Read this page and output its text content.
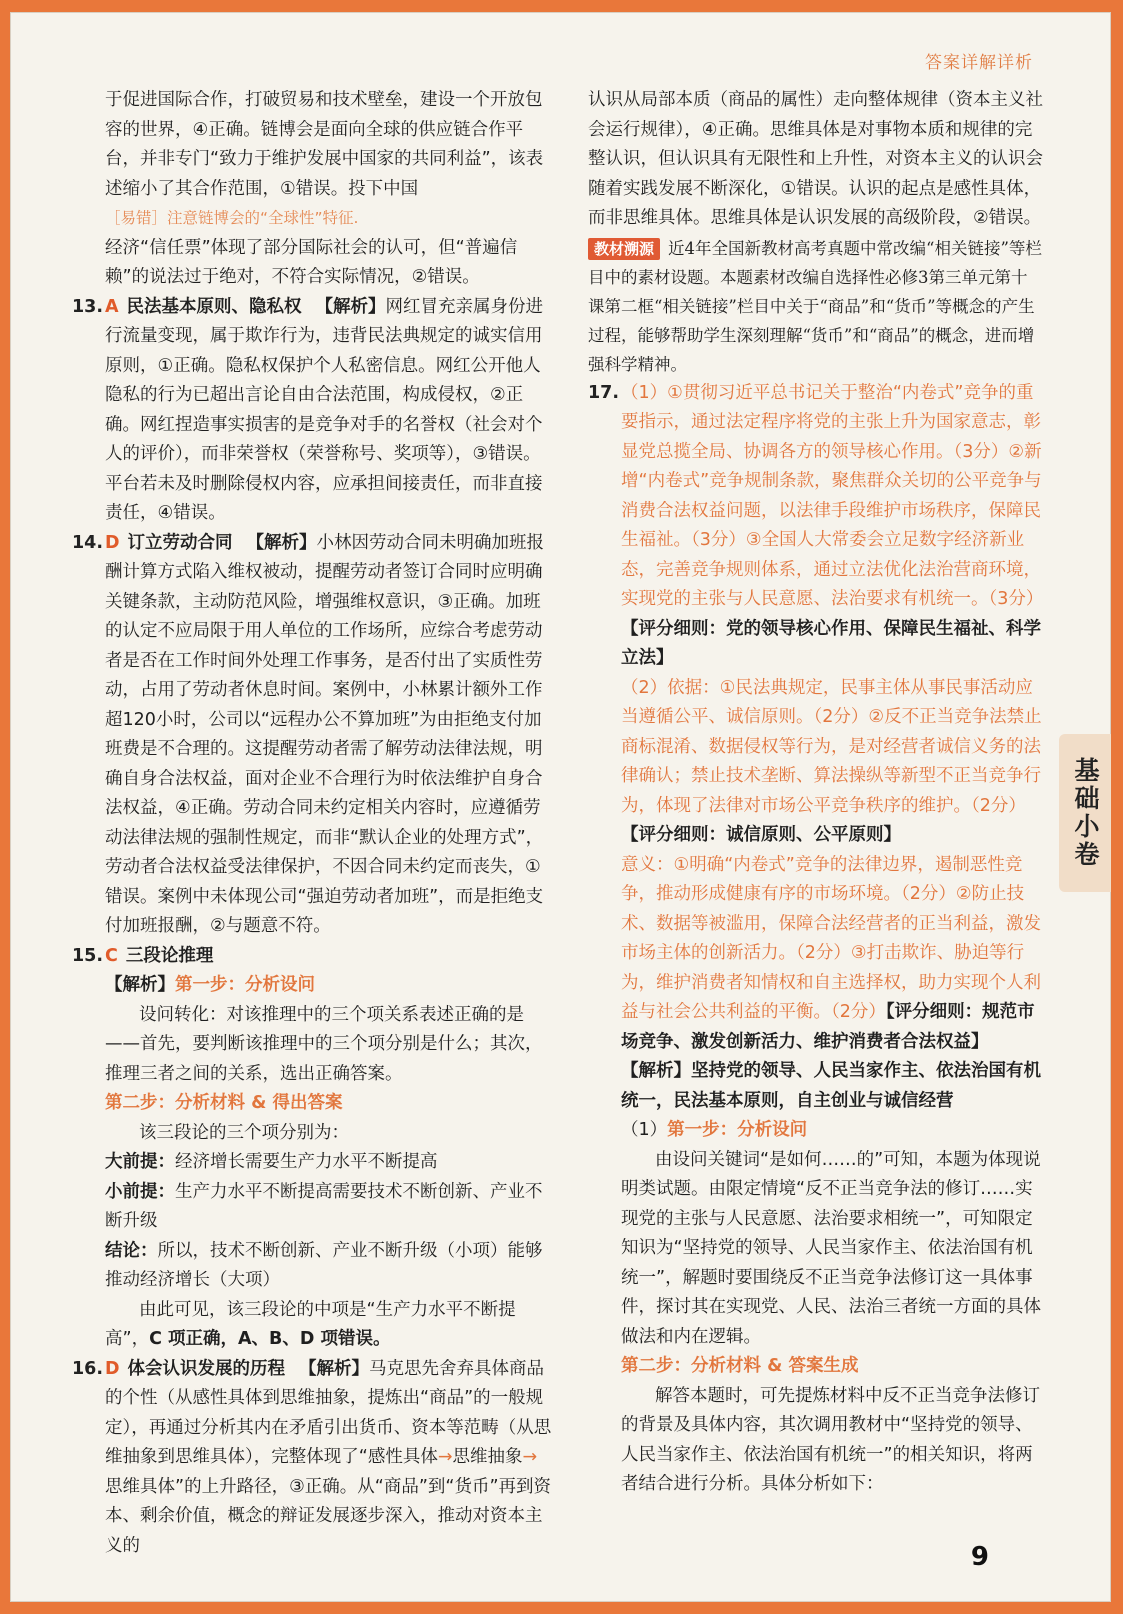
答案详解详析

于促进国际合作，打破贸易和技术壁垒，建设一个开放包容的世界，④正确。链博会是面向全球的供应链合作平台，并非专门“致力于维护发展中国家的共同利益”，该表述缩小了其合作范围，①错误。投下中国

［易错］注意链博会的“全球性”特征.

经济“信任票”体现了部分国际社会的认可，但“普遍信赖”的说法过于绝对，不符合实际情况，②错误。

13. A 民法基本原则、隐私权 【解析】网红冒充亲属身份进行流量变现，属于欺诈行为，违背民法典规定的诚实信用原则，①正确。隐私权保护个人私密信息。网红公开他人隐私的行为已超出言论自由合法范围，构成侵权，②正确。网红捏造事实损害的是竞争对手的名誉权（社会对个人的评价），而非荣誉权（荣誉称号、奖项等），③错误。平台若未及时删除侵权内容，应承担间接责任，而非直接责任，④错误。

14. D 订立劳动合同 【解析】小林因劳动合同未明确加班报酬计算方式陷入维权被动，提醒劳动者签订合同时应明确关键条款，主动防范风险，增强维权意识，③正确。加班的认定不应局限于用人单位的工作场所，应综合考虑劳动者是否在工作时间外处理工作事务，是否付出了实质性劳动，占用了劳动者休息时间。案例中，小林累计额外工作超120小时，公司以“远程办公不算加班”为由拒绝支付加班费是不合理的。这提醒劳动者需了解劳动法律法规，明确自身合法权益，面对企业不合理行为时依法维护自身合法权益，④正确。劳动合同未约定相关内容时，应遵循劳动法律法规的强制性规定，而非“默认企业的处理方式”，劳动者合法权益受法律保护，不因合同未约定而丧失，①错误。案例中未体现公司“强迫劳动者加班”，而是拒绝支付加班报酬，②与题意不符。

15. C 三段论推理

【解析】第一步：分析设问

设问转化：对该推理中的三个项关系表述正确的是——首先，要判断该推理中的三个项分别是什么；其次，推理三者之间的关系，选出正确答案。

第二步：分析材料 & 得出答案

该三段论的三个项分别为：

大前提：经济增长需要生产力水平不断提高

小前提：生产力水平不断提高需要技术不断创新、产业不断升级

结论：所以，技术不断创新、产业不断升级（小项）能够推动经济增长（大项）

由此可见，该三段论的中项是“生产力水平不断提高”，C 项正确，A、B、D 项错误。

16. D 体会认识发展的历程 【解析】马克思先舍弃具体商品的个性（从感性具体到思维抽象，提炼出“商品”的一般规定），再通过分析其内在矛盾引出货币、资本等范畴（从思维抽象到思维具体），完整体现了“感性具体→思维抽象→思维具体”的上升路径，③正确。从“商品”到“货币”再到资本、剩余价值，概念的辩证发展逐步深入，推动对资本主义的

认识从局部本质（商品的属性）走向整体规律（资本主义社会运行规律），④正确。思维具体是对事物本质和规律的完整认识，但认识具有无限性和上升性，对资本主义的认识会随着实践发展不断深化，①错误。认识的起点是感性具体，而非思维具体。思维具体是认识发展的高级阶段，②错误。

教材溯源 近4年全国新教材高考真题中常改编“相关链接”等栏目中的素材设题。本题素材改编自选择性必修3第三单元第十课第二框“相关链接”栏目中关于“商品”和“货币”等概念的产生过程，能够帮助学生深刻理解“货币”和“商品”的概念，进而增强科学精神。

17. （1）①贯彻习近平总书记关于整治“内卷式”竞争的重要指示，通过法定程序将党的主张上升为国家意志，彰显党总揽全局、协调各方的领导核心作用。（3分）②新增“内卷式”竞争规制条款，聚焦群众关切的公平竞争与消费合法权益问题，以法律手段维护市场秩序，保障民生福祉。（3分）③全国人大常委会立足数字经济新业态，完善竞争规则体系，通过立法优化法治营商环境，实现党的主张与人民意愿、法治要求有机统一。（3分）【评分细则：党的领导核心作用、保障民生福祉、科学立法】

（2）依据：①民法典规定，民事主体从事民事活动应当遵循公平、诚信原则。（2分）②反不正当竞争法禁止商标混淆、数据侵权等行为，是对经营者诚信义务的法律确认；禁止技术垄断、算法操纵等新型不正当竞争行为，体现了法律对市场公平竞争秩序的维护。（2分）【评分细则：诚信原则、公平原则】

意义：①明确“内卷式”竞争的法律边界，遏制恶性竞争，推动形成健康有序的市场环境。（2分）②防止技术、数据等被滥用，保障合法经营者的正当利益，激发市场主体的创新活力。（2分）③打击欺诈、胁迫等行为，维护消费者知情权和自主选择权，助力实现个人利益与社会公共利益的平衡。（2分）【评分细则：规范市场竞争、激发创新活力、维护消费者合法权益】

【解析】坚持党的领导、人民当家作主、依法治国有机统一，民法基本原则，自主创业与诚信经营

（1）第一步：分析设问

由设问关键词“是如何……的”可知，本题为体现说明类试题。由限定情境“反不正当竞争法的修订……实现党的主张与人民意愿、法治要求相统一”，可知限定知识为“坚持党的领导、人民当家作主、依法治国有机统一”，解题时要围绕反不正当竞争法修订这一具体事件，探讨其在实现党、人民、法治三者统一方面的具体做法和内在逻辑。

第二步：分析材料 & 答案生成

解答本题时，可先提炼材料中反不正当竞争法修订的背景及具体内容，其次调用教材中“坚持党的领导、人民当家作主、依法治国有机统一”的相关知识，将两者结合进行分析。具体分析如下：

基础小卷
9
